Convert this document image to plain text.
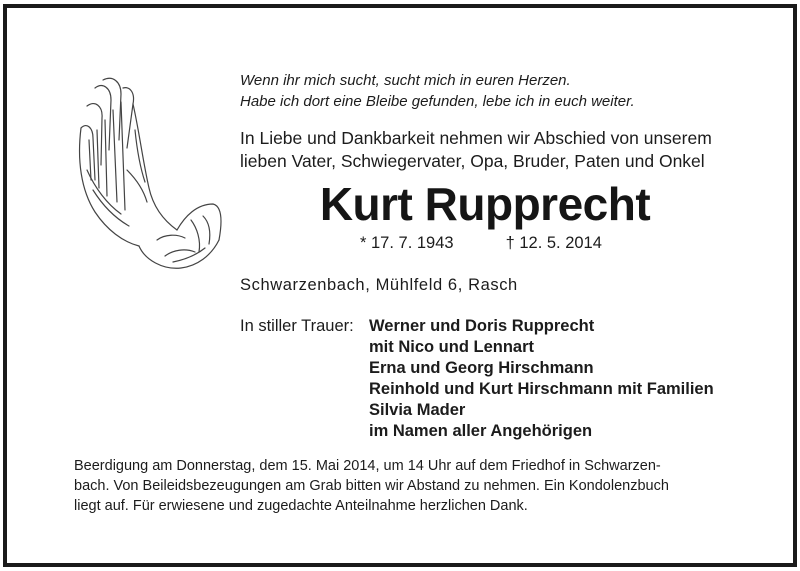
Wenn ihr mich sucht, sucht mich in euren Herzen.
Habe ich dort eine Bleibe gefunden, lebe ich in euch weiter.

In Liebe und Dankbarkeit nehmen wir Abschied von unserem
lieben Vater, Schwiegervater, Opa, Bruder, Paten und Onkel

Kurt Rupprecht
* 17. 7. 1943	† 12. 5. 2014

Schwarzenbach, Mühlfeld 6, Rasch

In stiller Trauer: Werner und Doris Rupprecht
mit Nico und Lennart
Erna und Georg Hirschmann
Reinhold und Kurt Hirschmann mit Familien
Silvia Mader
im Namen aller Angehörigen

Beerdigung am Donnerstag, dem 15. Mai 2014, um 14 Uhr auf dem Friedhof in Schwarzen-
bach. Von Beileidsbezeugungen am Grab bitten wir Abstand zu nehmen. Ein Kondolenzbuch
liegt auf. Für erwiesene und zugedachte Anteilnahme herzlichen Dank.
